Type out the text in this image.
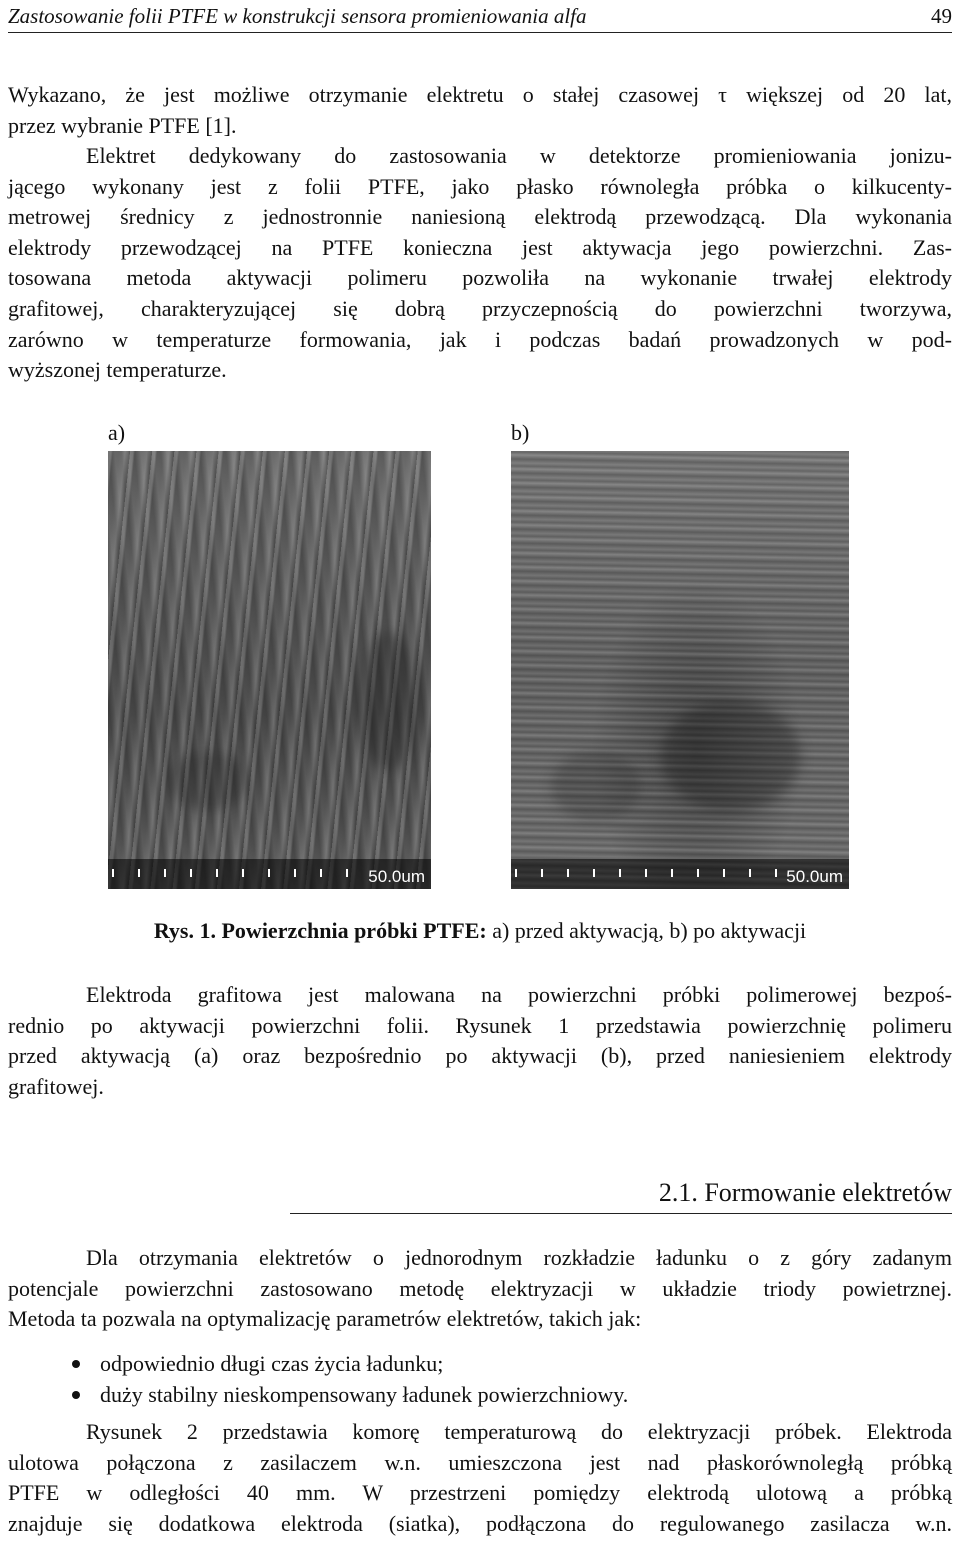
Zastosowanie folii PTFE w konstrukcji sensora promieniowania alfa	49
Wykazano, że jest możliwe otrzymanie elektretu o stałej czasowej τ większej od 20 lat,
przez wybranie PTFE [1].
Elektret dedykowany do zastosowania w detektorze promieniowania jonizu-
jącego wykonany jest z folii PTFE, jako płasko równoległa próbka o kilkucenty-
metrowej średnicy z jednostronnie naniesioną elektrodą przewodzącą. Dla wykonania
elektrody przewodzącej na PTFE konieczna jest aktywacja jego powierzchni. Zas-
tosowana metoda aktywacji polimeru pozwoliła na wykonanie trwałej elektrody
grafitowej, charakteryzującej się dobrą przyczepnością do powierzchni tworzywa,
zarówno w temperaturze formowania, jak i podczas badań prowadzonych w pod-
wyższonej temperaturze.
a)	b)
50.0um	50.0um
Rys. 1. Powierzchnia próbki PTFE: a) przed aktywacją, b) po aktywacji
Elektroda grafitowa jest malowana na powierzchni próbki polimerowej bezpoś-
rednio po aktywacji powierzchni folii. Rysunek 1 przedstawia powierzchnię polimeru
przed aktywacją (a) oraz bezpośrednio po aktywacji (b), przed naniesieniem elektrody
grafitowej.
2.1. Formowanie elektretów
Dla otrzymania elektretów o jednorodnym rozkładzie ładunku o z góry zadanym
potencjale powierzchni zastosowano metodę elektryzacji w układzie triody powietrznej.
Metoda ta pozwala na optymalizację parametrów elektretów, takich jak:
odpowiednio długi czas życia ładunku;
duży stabilny nieskompensowany ładunek powierzchniowy.
Rysunek 2 przedstawia komorę temperaturową do elektryzacji próbek. Elektroda
ulotowa połączona z zasilaczem w.n. umieszczona jest nad płaskorównoległą próbką
PTFE w odległości 40 mm. W przestrzeni pomiędzy elektrodą ulotową a próbką
znajduje się dodatkowa elektroda (siatka), podłączona do regulowanego zasilacza w.n.
